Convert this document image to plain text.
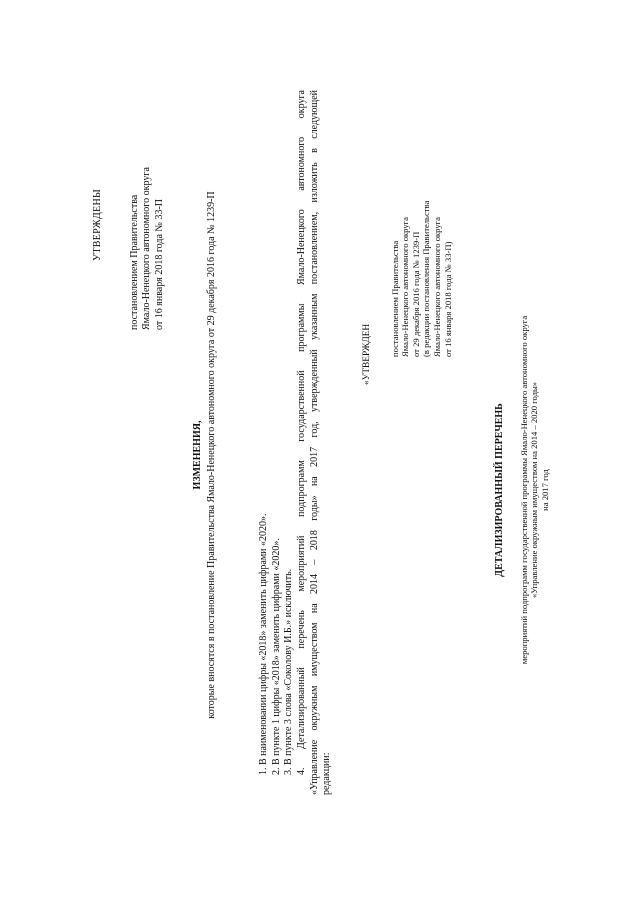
УТВЕРЖДЕНЫ	постановлением Правительства Ямало-Ненецкого автономного округа от 16 января 2018 года № 33-П
ИЗМЕНЕНИЯ, которые вносятся в постановление Правительства Ямало-Ненецкого автономного округа от 29 декабря 2016 года № 1239-П	1. В наименовании цифры «2018» заменить цифрами «2020». 2. В пункте 1 цифры «2018» заменить цифрами «2020». 3. В пункте 3 слова «Соколову И.Б.» исключить. 4. Детализированный перечень мероприятий подпрограмм государственной программы Ямало-Ненецкого автономного округа «Управление окружным имуществом на 2014 – 2018 годы» на 2017 год, утвержденный указанным постановлением, изложить в следующей редакции:
«УТВЕРЖДЕН постановлением Правительства Ямало-Ненецкого автономного округа от 29 декабря 2016 года № 1239-П (в редакции постановления Правительства Ямало-Ненецкого автономного округа от 16 января 2018 года № 33-П)
ДЕТАЛИЗИРОВАННЫЙ ПЕРЕЧЕНЬ мероприятий подпрограмм государственной программы Ямало-Ненецкого автономного округа «Управление окружным имуществом на 2014 – 2020 годы» на 2017 год
